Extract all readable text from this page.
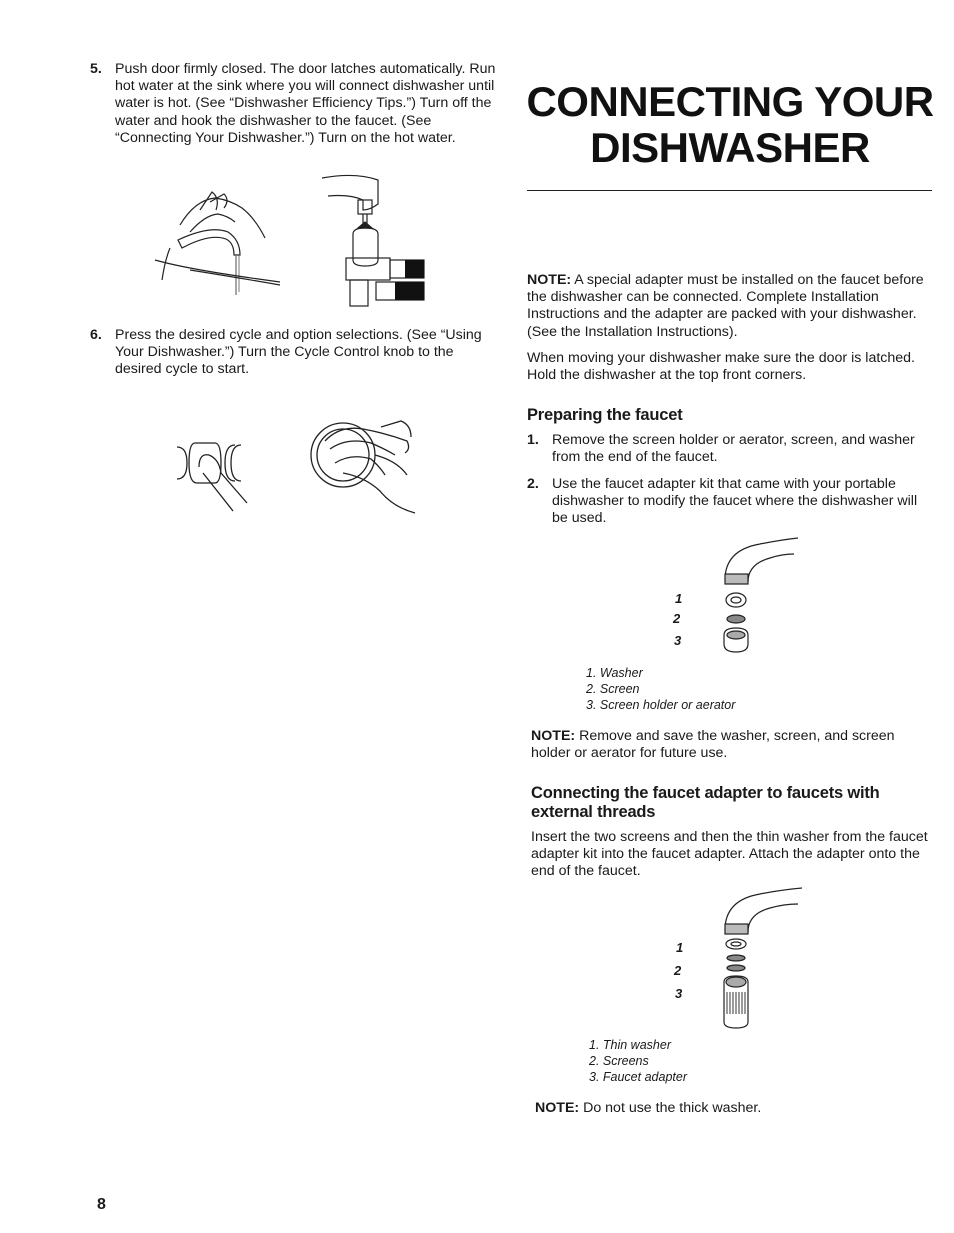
5. Push door firmly closed. The door latches automatically. Run hot water at the sink where you will connect dishwasher until water is hot. (See “Dishwasher Efficiency Tips.”) Turn off the water and hook the dishwasher to the faucet. (See “Connecting Your Dishwasher.”) Turn on the hot water.
6. Press the desired cycle and option selections. (See “Using Your Dishwasher.”) Turn the Cycle Control knob to the desired cycle to start.
CONNECTING YOUR
DISHWASHER

NOTE: A special adapter must be installed on the faucet before the dishwasher can be connected. Complete Installation Instructions and the adapter are packed with your dishwasher. (See the Installation Instructions).

When moving your dishwasher make sure the door is latched. Hold the dishwasher at the top front corners.

Preparing the faucet
1. Remove the screen holder or aerator, screen, and washer from the end of the faucet.
2. Use the faucet adapter kit that came with your portable dishwasher to modify the faucet where the dishwasher will be used.
1
2
3
1. Washer
2. Screen
3. Screen holder or aerator

NOTE: Remove and save the washer, screen, and screen holder or aerator for future use.

Connecting the faucet adapter to faucets with external threads

Insert the two screens and then the thin washer from the faucet adapter kit into the faucet adapter. Attach the adapter onto the end of the faucet.

1
2
3
1. Thin washer
2. Screens
3. Faucet adapter

NOTE: Do not use the thick washer.

8
